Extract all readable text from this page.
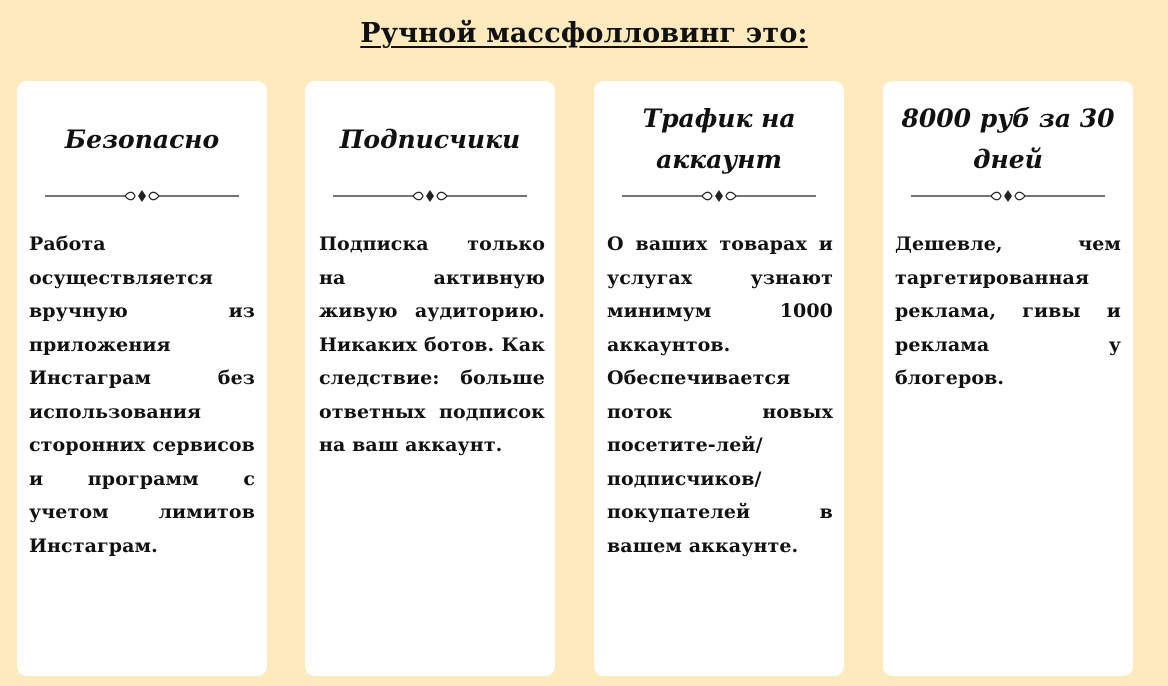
Ручной массфолловинг это:
Безопасно
Работа осуществляется вручную из приложения Инстаграм без использования сторонних сервисов и программ с учетом лимитов Инстаграм.
Подписчики
Подписка только на активную живую аудиторию. Никаких ботов. Как следствие: больше ответных подписок на ваш аккаунт.
Трафик на аккаунт
О ваших товарах и услугах узнают минимум 1000 аккаунтов. Обеспечивается поток новых посетите-лей/ подписчиков/ покупателей в вашем аккаунте.
8000 руб за 30 дней
Дешевле, чем таргетированная реклама, гивы и реклама у блогеров.
